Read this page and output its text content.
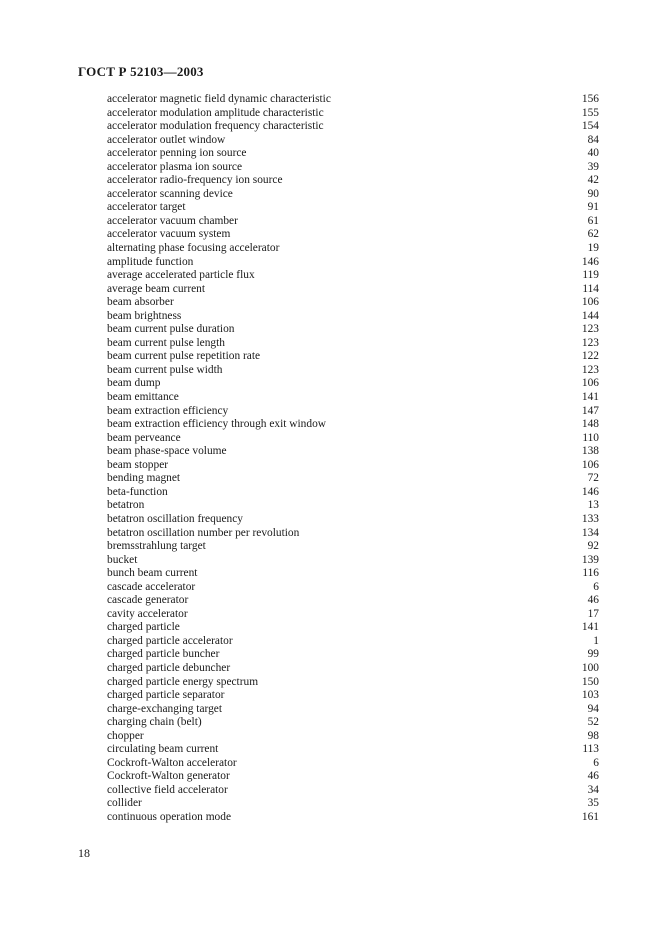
ГОСТ Р 52103—2003
accelerator magnetic field dynamic characteristic	156
accelerator modulation amplitude characteristic	155
accelerator modulation frequency characteristic	154
accelerator outlet window	84
accelerator penning ion source	40
accelerator plasma ion source	39
accelerator radio-frequency ion source	42
accelerator scanning device	90
accelerator target	91
accelerator vacuum chamber	61
accelerator vacuum system	62
alternating phase focusing accelerator	19
amplitude function	146
average accelerated particle flux	119
average beam current	114
beam absorber	106
beam brightness	144
beam current pulse duration	123
beam current pulse length	123
beam current pulse repetition rate	122
beam current pulse width	123
beam dump	106
beam emittance	141
beam extraction efficiency	147
beam extraction efficiency through exit window	148
beam perveance	110
beam phase-space volume	138
beam stopper	106
bending magnet	72
beta-function	146
betatron	13
betatron oscillation frequency	133
betatron oscillation number per revolution	134
bremsstrahlung target	92
bucket	139
bunch beam current	116
cascade accelerator	6
cascade generator	46
cavity accelerator	17
charged particle	141
charged particle accelerator	1
charged particle buncher	99
charged particle debuncher	100
charged particle energy spectrum	150
charged particle separator	103
charge-exchanging target	94
charging chain (belt)	52
chopper	98
circulating beam current	113
Cockroft-Walton accelerator	6
Cockroft-Walton generator	46
collective field accelerator	34
collider	35
continuous operation mode	161
18
